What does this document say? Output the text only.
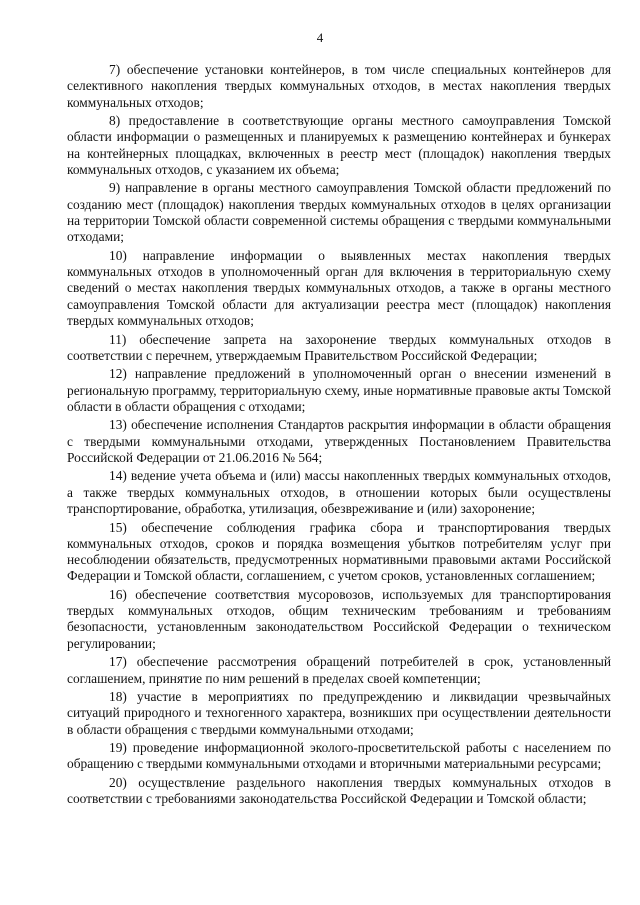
4

7) обеспечение установки контейнеров, в том числе специальных контейнеров для селективного накопления твердых коммунальных отходов, в местах накопления твердых коммунальных отходов;

8) предоставление в соответствующие органы местного самоуправления Томской области информации о размещенных и планируемых к размещению контейнерах и бункерах на контейнерных площадках, включенных в реестр мест (площадок) накопления твердых коммунальных отходов, с указанием их объема;

9) направление в органы местного самоуправления Томской области предложений по созданию мест (площадок) накопления твердых коммунальных отходов в целях организации на территории Томской области современной системы обращения с твердыми коммунальными отходами;

10) направление информации о выявленных местах накопления твердых коммунальных отходов в уполномоченный орган для включения в территориальную схему сведений о местах накопления твердых коммунальных отходов, а также в органы местного самоуправления Томской области для актуализации реестра мест (площадок) накопления твердых коммунальных отходов;

11) обеспечение запрета на захоронение твердых коммунальных отходов в соответствии с перечнем, утверждаемым Правительством Российской Федерации;

12) направление предложений в уполномоченный орган о внесении изменений в региональную программу, территориальную схему, иные нормативные правовые акты Томской области в области обращения с отходами;

13) обеспечение исполнения Стандартов раскрытия информации в области обращения с твердыми коммунальными отходами, утвержденных Постановлением Правительства Российской Федерации от 21.06.2016 № 564;

14) ведение учета объема и (или) массы накопленных твердых коммунальных отходов, а также твердых коммунальных отходов, в отношении которых были осуществлены транспортирование, обработка, утилизация, обезвреживание и (или) захоронение;

15) обеспечение соблюдения графика сбора и транспортирования твердых коммунальных отходов, сроков и порядка возмещения убытков потребителям услуг при несоблюдении обязательств, предусмотренных нормативными правовыми актами Российской Федерации и Томской области, соглашением, с учетом сроков, установленных соглашением;

16) обеспечение соответствия мусоровозов, используемых для транспортирования твердых коммунальных отходов, общим техническим требованиям и требованиям безопасности, установленным законодательством Российской Федерации о техническом регулировании;

17) обеспечение рассмотрения обращений потребителей в срок, установленный соглашением, принятие по ним решений в пределах своей компетенции;

18) участие в мероприятиях по предупреждению и ликвидации чрезвычайных ситуаций природного и техногенного характера, возникших при осуществлении деятельности в области обращения с твердыми коммунальными отходами;

19) проведение информационной эколого-просветительской работы с населением по обращению с твердыми коммунальными отходами и вторичными материальными ресурсами;

20) осуществление раздельного накопления твердых коммунальных отходов в соответствии с требованиями законодательства Российской Федерации и Томской области;
